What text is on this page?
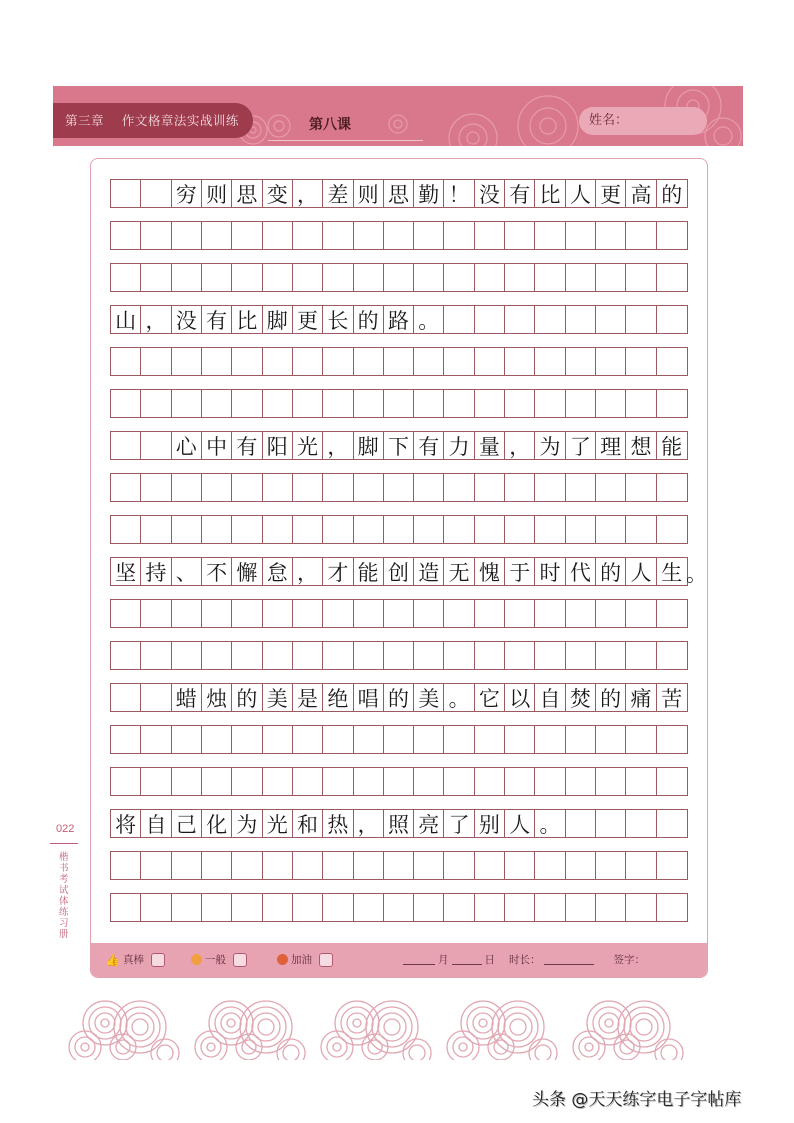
第三章    作文格章法实战训练	第八课	姓名：
穷 则 思 变 ， 差 则 思 勤 ！ 没 有 比 人 更 高 的
山 ， 没 有 比 脚 更 长 的 路 。
心 中 有 阳 光 ， 脚 下 有 力 量 ， 为 了 理 想 能
坚 持 、 不 懈 怠 ， 才 能 创 造 无 愧 于 时 代 的 人 生
蜡 烛 的 美 是 绝 唱 的 美 。 它 以 自 焚 的 痛 苦
将 自 己 化 为 光 和 热 ， 照 亮 了 别 人 。
。
022
楷书考试体练习册
👍 真棒	一般	加油	月	日 时长：	签字：
头条 @天天练字电子字帖库
